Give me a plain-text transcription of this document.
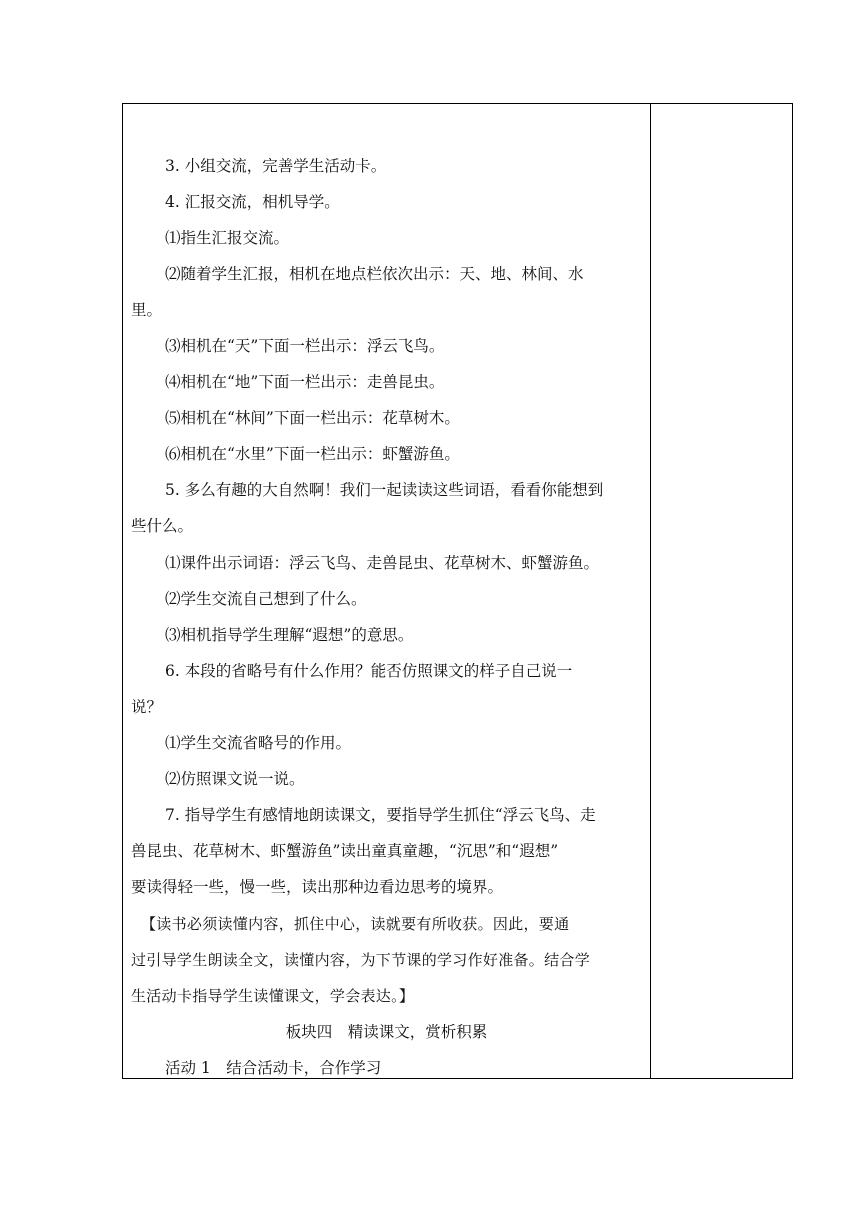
3. 小组交流，完善学生活动卡。
4. 汇报交流，相机导学。
⑴指生汇报交流。
⑵随着学生汇报，相机在地点栏依次出示：天、地、林间、水
里。
⑶相机在“天”下面一栏出示：浮云飞鸟。
⑷相机在“地”下面一栏出示：走兽昆虫。
⑸相机在“林间”下面一栏出示：花草树木。
⑹相机在“水里”下面一栏出示：虾蟹游鱼。
5. 多么有趣的大自然啊！我们一起读读这些词语，看看你能想到
些什么。
⑴课件出示词语：浮云飞鸟、走兽昆虫、花草树木、虾蟹游鱼。
⑵学生交流自己想到了什么。
⑶相机指导学生理解“遐想”的意思。
6. 本段的省略号有什么作用？能否仿照课文的样子自己说一
说？
⑴学生交流省略号的作用。
⑵仿照课文说一说。
7. 指导学生有感情地朗读课文，要指导学生抓住“浮云飞鸟、走
兽昆虫、花草树木、虾蟹游鱼”读出童真童趣，“沉思”和“遐想”
要读得轻一些，慢一些，读出那种边看边思考的境界。
【读书必须读懂内容，抓住中心，读就要有所收获。因此，要通
过引导学生朗读全文，读懂内容，为下节课的学习作好准备。结合学
生活动卡指导学生读懂课文，学会表达。】
板块四　精读课文，赏析积累
活动 1　结合活动卡，合作学习
